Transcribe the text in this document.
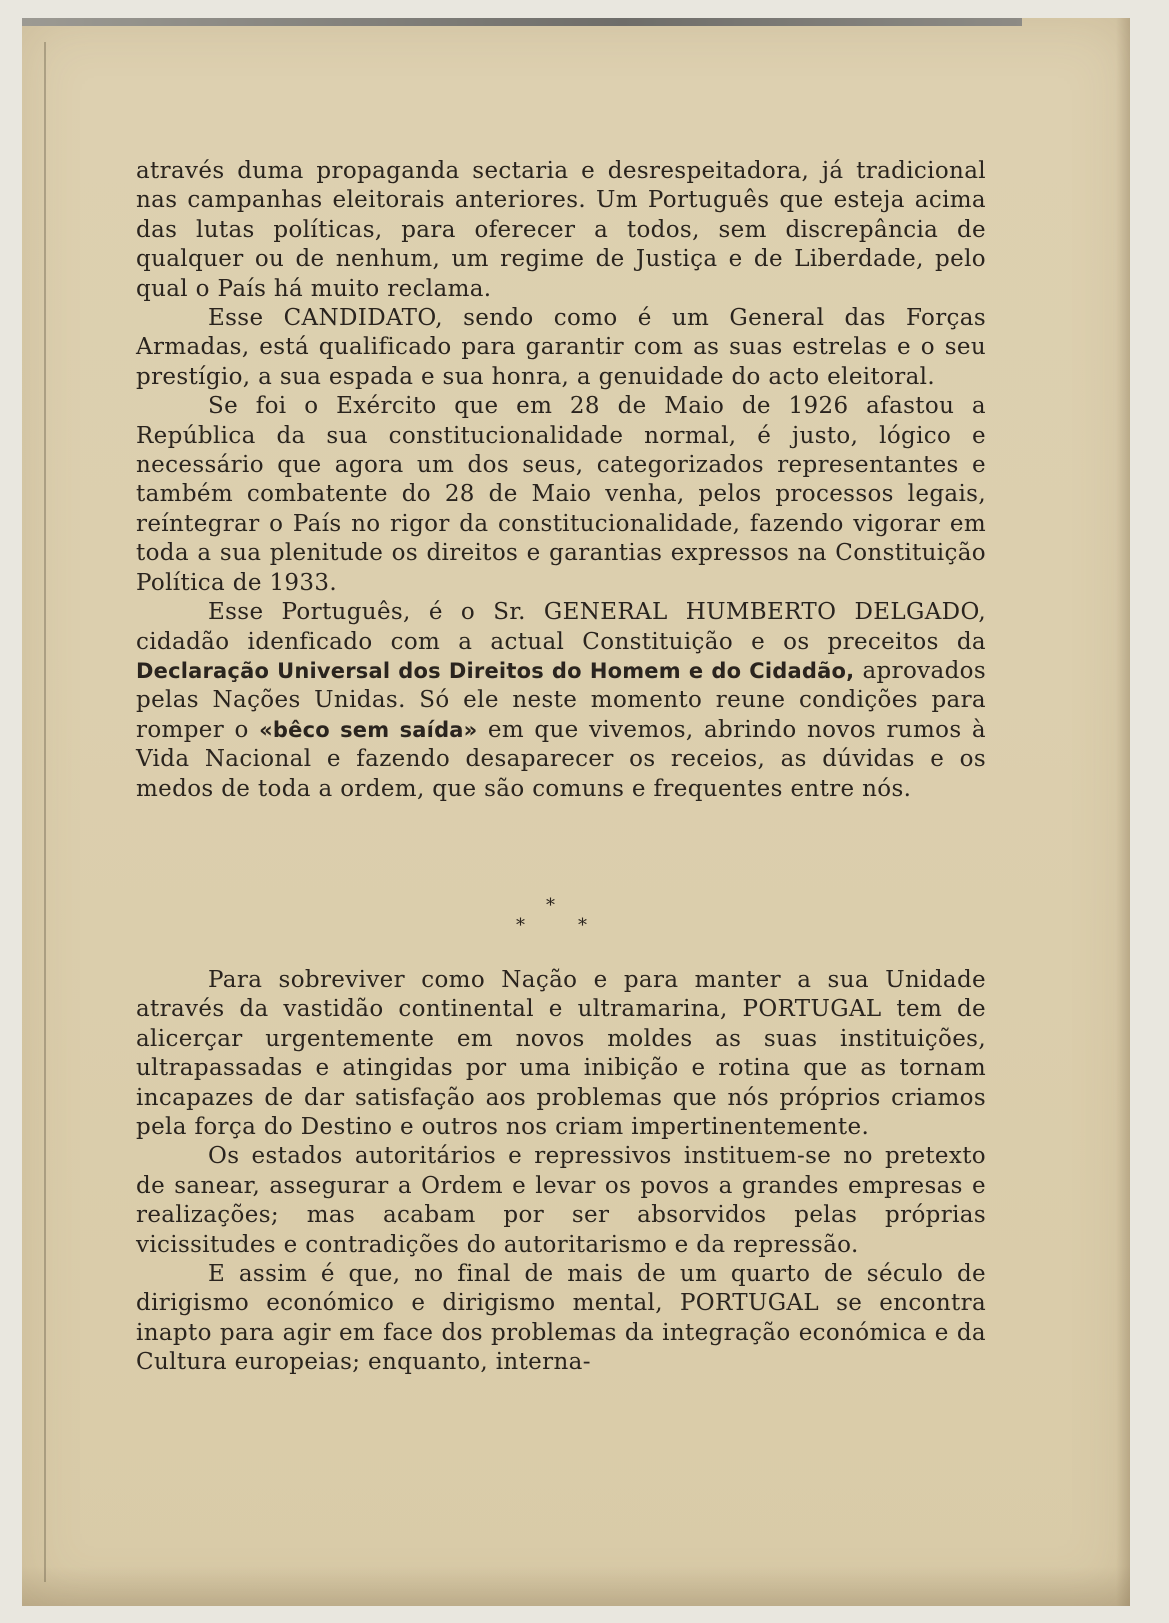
através duma propaganda sectaria e desrespeitadora, já tradicional nas campanhas eleitorais anteriores. Um Português que esteja acima das lutas políticas, para oferecer a todos, sem discrepância de qualquer ou de nenhum, um regime de Justiça e de Liberdade, pelo qual o País há muito reclama.

Esse CANDIDATO, sendo como é um General das Forças Armadas, está qualificado para garantir com as suas estrelas e o seu prestígio, a sua espada e sua honra, a genuidade do acto eleitoral.

Se foi o Exército que em 28 de Maio de 1926 afastou a República da sua constitucionalidade normal, é justo, lógico e necessário que agora um dos seus, categorizados representantes e também combatente do 28 de Maio venha, pelos processos legais, reíntegrar o País no rigor da constitucionalidade, fazendo vigorar em toda a sua plenitude os direitos e garantias expressos na Constituição Política de 1933.

Esse Português, é o Sr. GENERAL HUMBERTO DELGADO, cidadão idenficado com a actual Constituição e os preceitos da Declaração Universal dos Direitos do Homem e do Cidadão, aprovados pelas Nações Unidas. Só ele neste momento reune condições para romper o «bêco sem saída» em que vivemos, abrindo novos rumos à Vida Nacional e fazendo desaparecer os receios, as dúvidas e os medos de toda a ordem, que são comuns e frequentes entre nós.

*
*	*

Para sobreviver como Nação e para manter a sua Unidade através da vastidão continental e ultramarina, PORTUGAL tem de alicerçar urgentemente em novos moldes as suas instituições, ultrapassadas e atingidas por uma inibição e rotina que as tornam incapazes de dar satisfação aos problemas que nós próprios criamos pela força do Destino e outros nos criam impertinentemente.

Os estados autoritários e repressivos instituem-se no pretexto de sanear, assegurar a Ordem e levar os povos a grandes empresas e realizações; mas acabam por ser absorvidos pelas próprias vicissitudes e contradições do autoritarismo e da repressão.

E assim é que, no final de mais de um quarto de século de dirigismo económico e dirigismo mental, PORTUGAL se encontra inapto para agir em face dos problemas da integração económica e da Cultura europeias; enquanto, interna-
